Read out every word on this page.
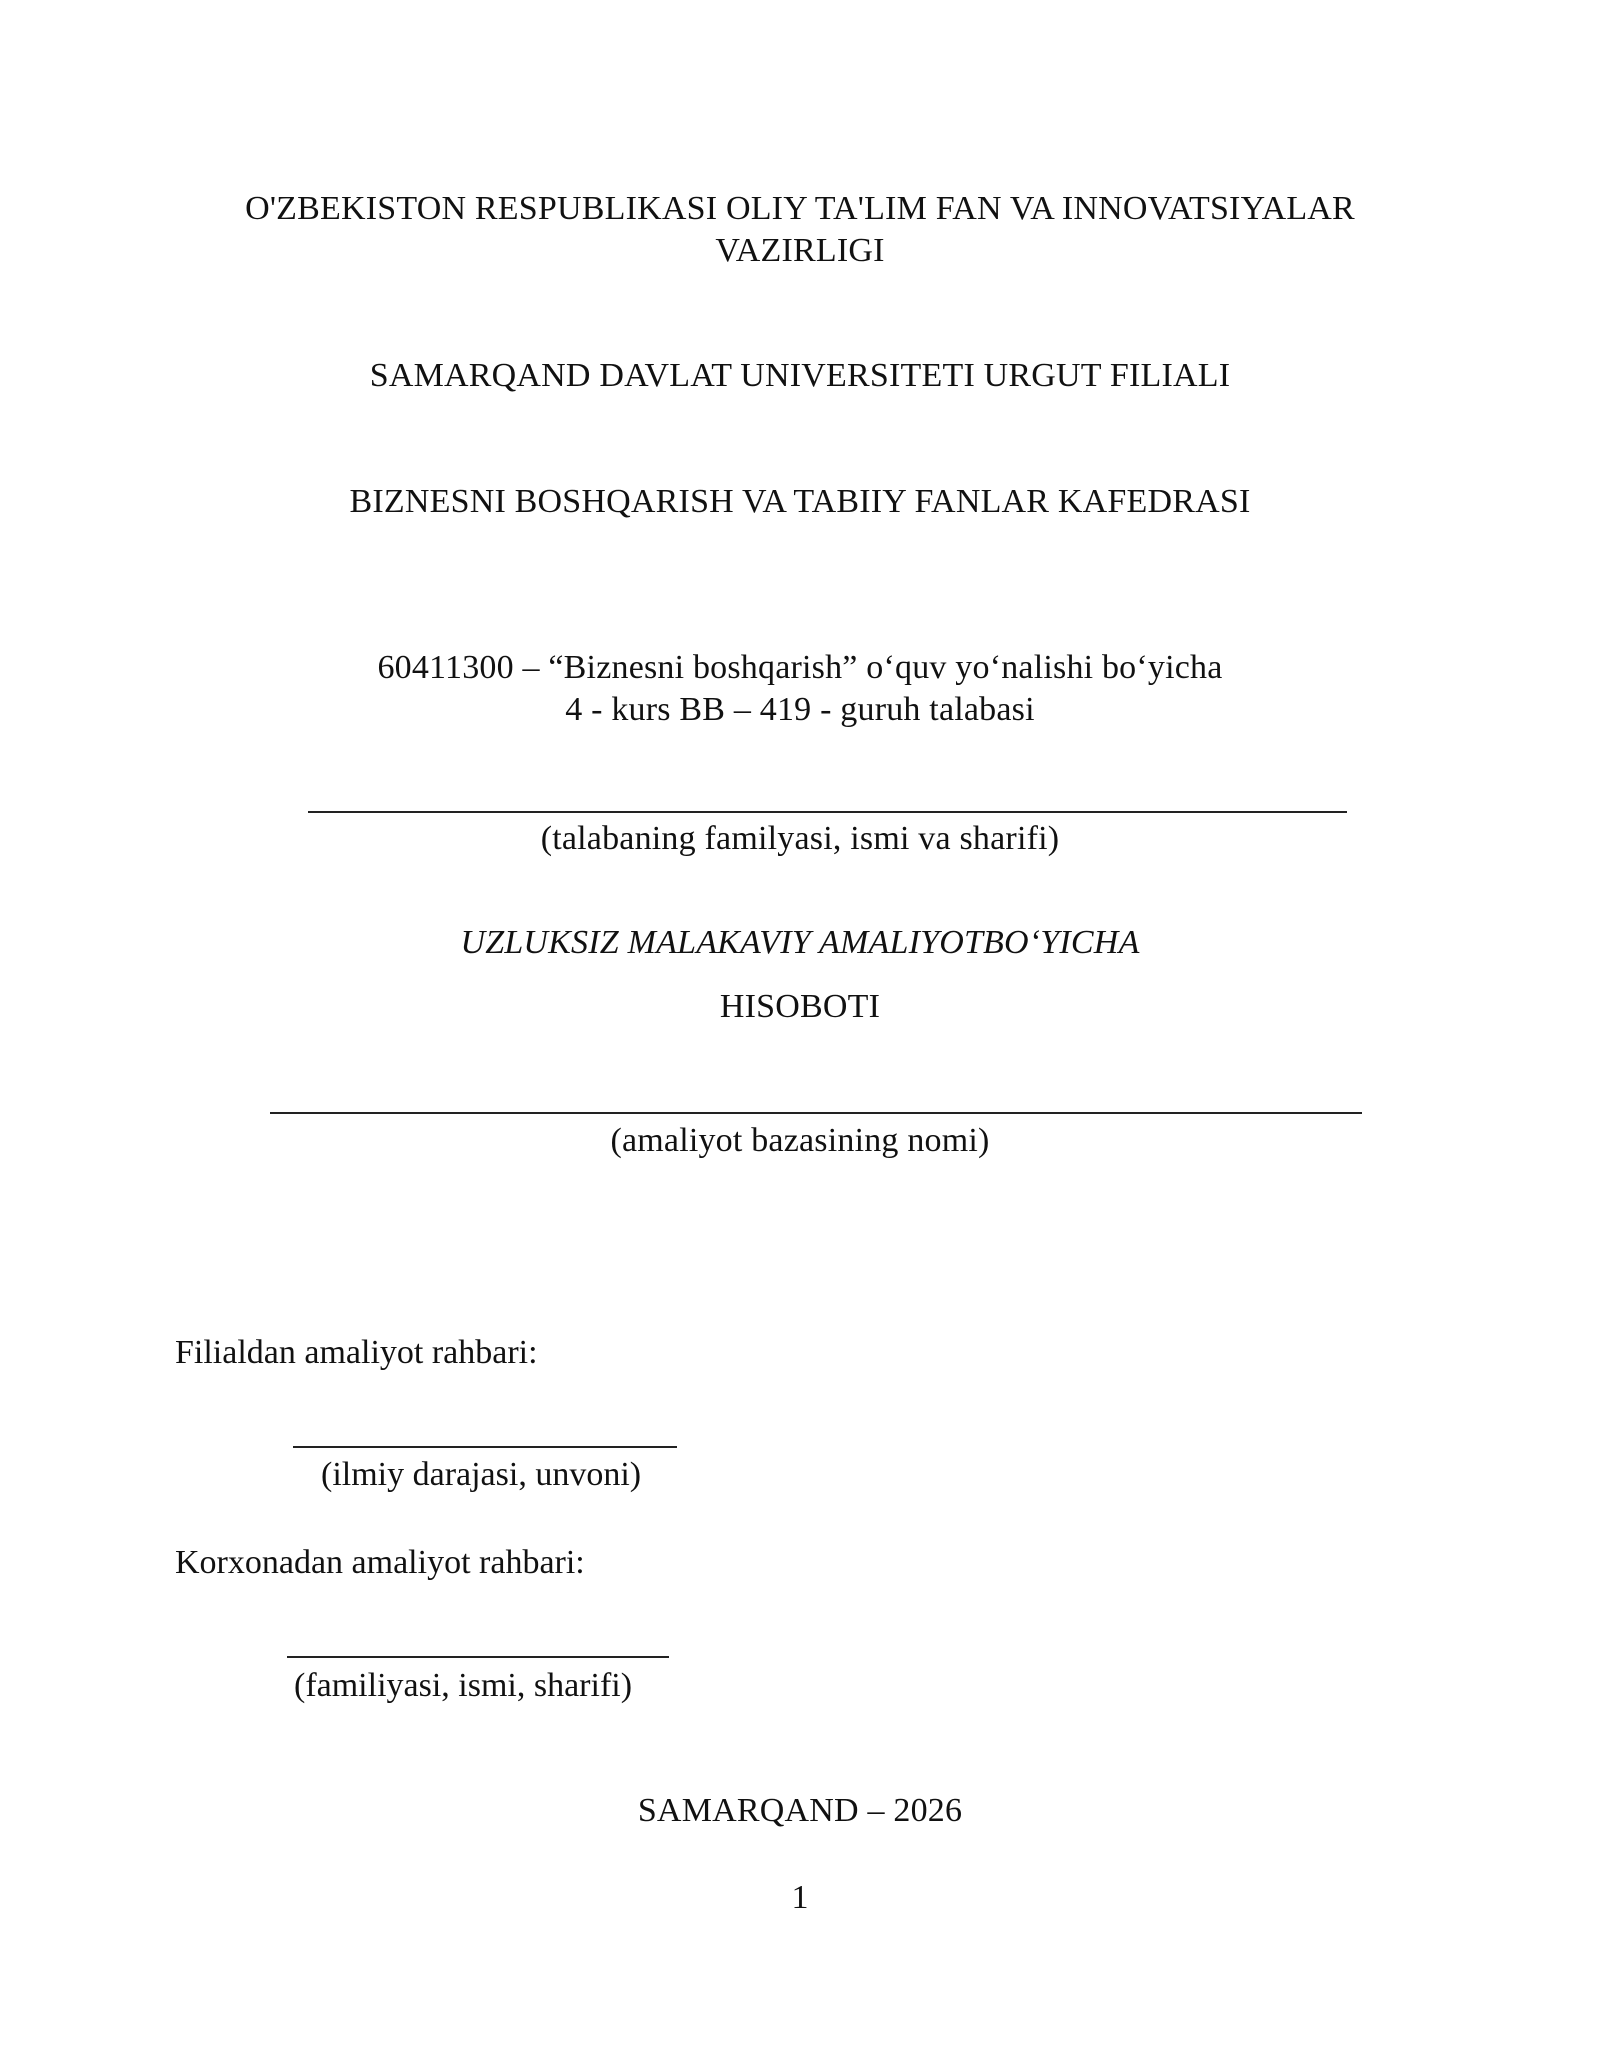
O'ZBEKISTON RESPUBLIKASI OLIY TA'LIM FAN VA INNOVATSIYALAR
VAZIRLIGI
SAMARQAND DAVLAT UNIVERSITETI URGUT FILIALI
BIZNESNI BOSHQARISH VA TABIIY FANLAR KAFEDRASI
60411300 – “Biznesni boshqarish” o‘quv yo‘nalishi bo‘yicha
4 - kurs BB – 419 - guruh talabasi
(talabaning familyasi, ismi va sharifi)
UZLUKSIZ MALAKAVIY AMALIYOTBO‘YICHA
HISOBOTI
(amaliyot bazasining nomi)
Filialdan amaliyot rahbari:
(ilmiy darajasi, unvoni)
Korxonadan amaliyot rahbari:
(familiyasi, ismi, sharifi)
SAMARQAND – 2026
1
